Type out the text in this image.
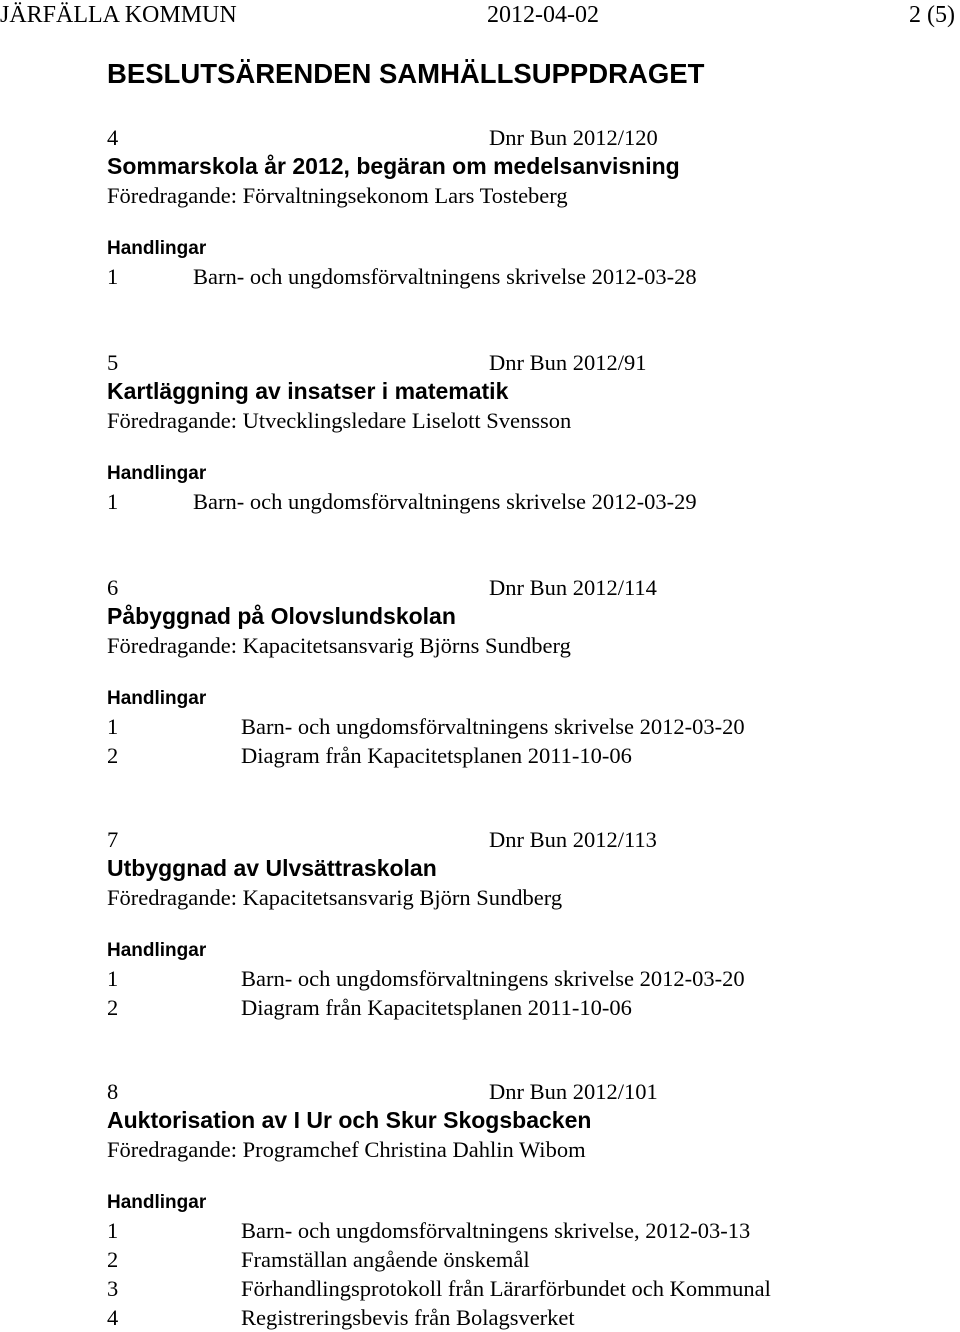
JÄRFÄLLA KOMMUN	2012-04-02	2 (5)
BESLUTSÄRENDEN SAMHÄLLSUPPDRAGET
4	Dnr Bun 2012/120
Sommarskola år 2012, begäran om medelsanvisning
Föredragande: Förvaltningsekonom Lars Tosteberg
Handlingar
1	Barn- och ungdomsförvaltningens skrivelse 2012-03-28
5	Dnr Bun 2012/91
Kartläggning av insatser i matematik
Föredragande: Utvecklingsledare Liselott Svensson
Handlingar
1	Barn- och ungdomsförvaltningens skrivelse 2012-03-29
6	Dnr Bun 2012/114
Påbyggnad på Olovslundskolan
Föredragande: Kapacitetsansvarig Björns Sundberg
Handlingar
1	Barn- och ungdomsförvaltningens skrivelse 2012-03-20
2	Diagram från Kapacitetsplanen 2011-10-06
7	Dnr Bun 2012/113
Utbyggnad av Ulvsättraskolan
Föredragande: Kapacitetsansvarig Björn Sundberg
Handlingar
1	Barn- och ungdomsförvaltningens skrivelse 2012-03-20
2	Diagram från Kapacitetsplanen 2011-10-06
8	Dnr Bun 2012/101
Auktorisation av I Ur och Skur Skogsbacken
Föredragande: Programchef Christina Dahlin Wibom
Handlingar
1	Barn- och ungdomsförvaltningens skrivelse, 2012-03-13
2	Framställan angående önskemål
3	Förhandlingsprotokoll från Lärarförbundet och Kommunal
4	Registreringsbevis från Bolagsverket
